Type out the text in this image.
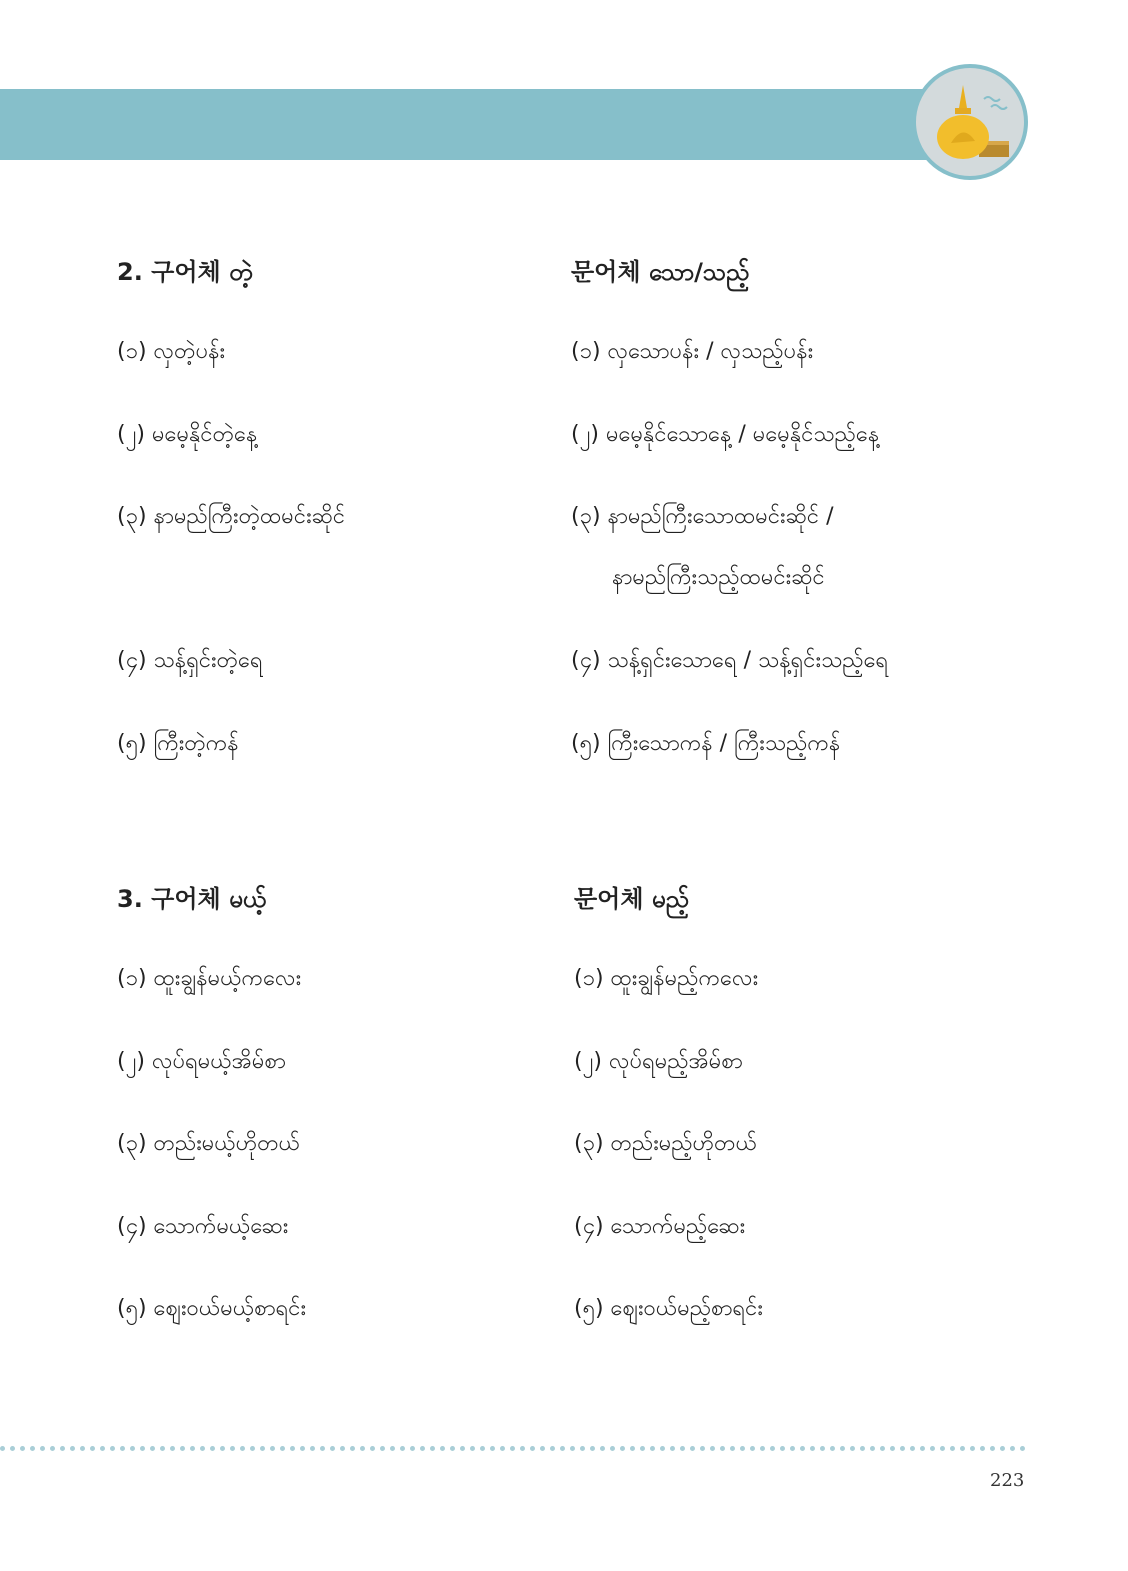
2. 구어체 တဲ့	문어체 သော/သည့်
(၁) လှတဲ့ပန်း
(၂) မမေ့နိုင်တဲ့နေ့
(၃) နာမည်ကြီးတဲ့ထမင်းဆိုင်
(၄) သန့်ရှင်းတဲ့ရေ
(၅) ကြီးတဲ့ကန်
(၁) လှသောပန်း / လှသည့်ပန်း
(၂) မမေ့နိုင်သောနေ့ / မမေ့နိုင်သည့်နေ့
(၃) နာမည်ကြီးသောထမင်းဆိုင် /
နာမည်ကြီးသည့်ထမင်းဆိုင်
(၄) သန့်ရှင်းသောရေ / သန့်ရှင်းသည့်ရေ
(၅) ကြီးသောကန် / ကြီးသည့်ကန်
3. 구어체 မယ့်	문어체 မည့်
(၁) ထူးချွန်မယ့်ကလေး
(၂) လုပ်ရမယ့်အိမ်စာ
(၃) တည်းမယ့်ဟိုတယ်
(၄) သောက်မယ့်ဆေး
(၅) ဈေးဝယ်မယ့်စာရင်း
(၁) ထူးချွန်မည့်ကလေး
(၂) လုပ်ရမည့်အိမ်စာ
(၃) တည်းမည့်ဟိုတယ်
(၄) သောက်မည့်ဆေး
(၅) ဈေးဝယ်မည့်စာရင်း
223
